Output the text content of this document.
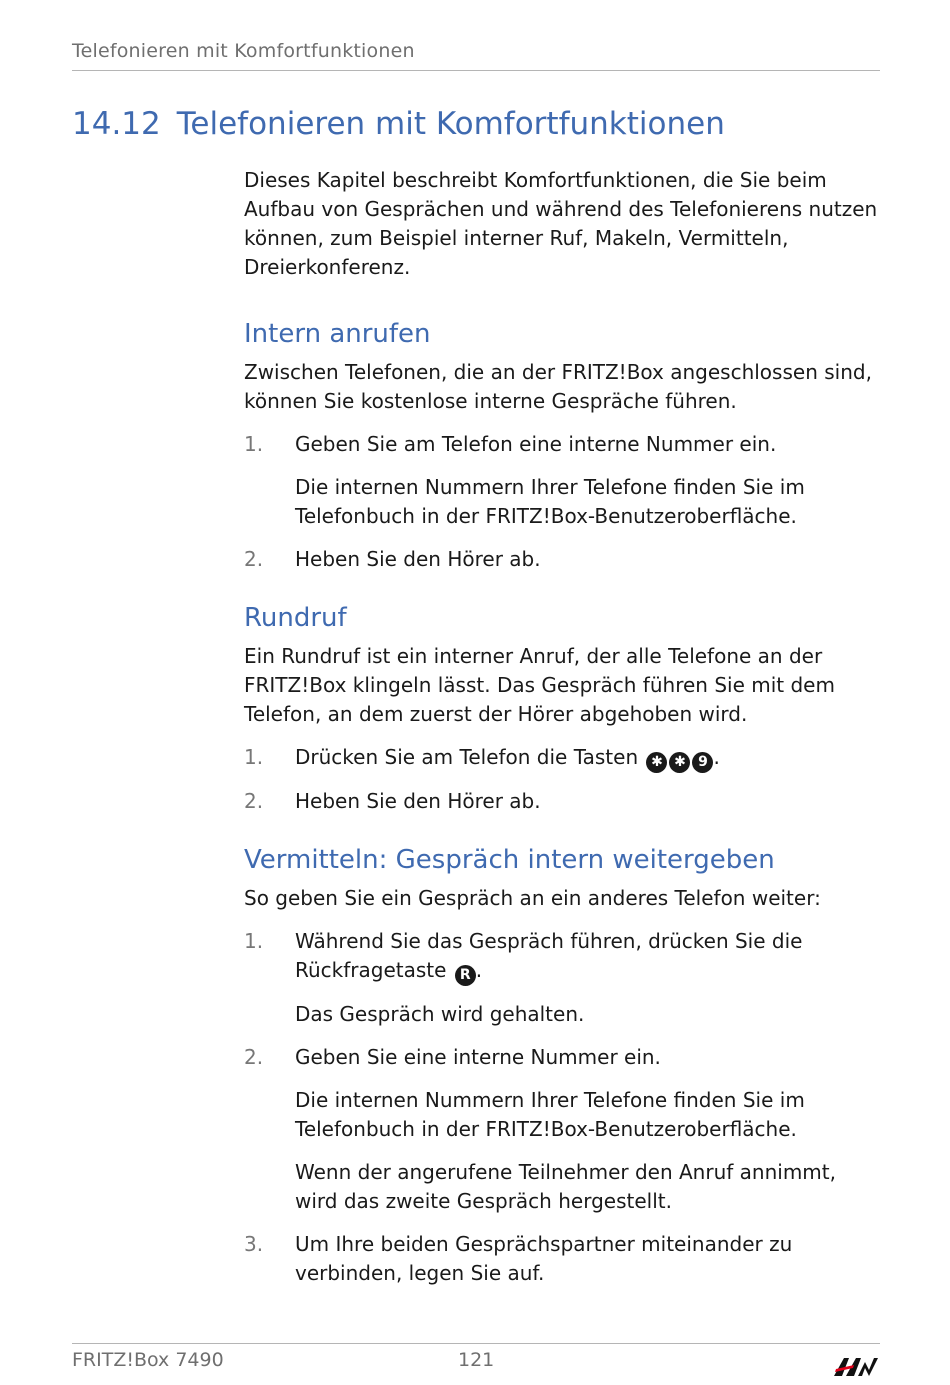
Telefonieren mit Komfortfunktionen
14.12 Telefonieren mit Komfortfunktionen

Dieses Kapitel beschreibt Komfortfunktionen, die Sie beim Aufbau von Gesprächen und während des Telefonierens nutzen können, zum Beispiel interner Ruf, Makeln, Vermitteln, Dreierkonferenz.

Intern anrufen

Zwischen Telefonen, die an der FRITZ!Box angeschlossen sind, können Sie kostenlose interne Gespräche führen.

1. Geben Sie am Telefon eine interne Nummer ein.
Die internen Nummern Ihrer Telefone finden Sie im Telefonbuch in der FRITZ!Box-Benutzeroberfläche.
2. Heben Sie den Hörer ab.
Rundruf

Ein Rundruf ist ein interner Anruf, der alle Telefone an der FRITZ!Box klingeln lässt. Das Gespräch führen Sie mit dem Telefon, an dem zuerst der Hörer abgehoben wird.

1. Drücken Sie am Telefon die Tasten ✱ ✱ 9 .
2. Heben Sie den Hörer ab.
Vermitteln: Gespräch intern weitergeben

So geben Sie ein Gespräch an ein anderes Telefon weiter:

1. Während Sie das Gespräch führen, drücken Sie die Rückfragetaste R .
Das Gespräch wird gehalten.
2. Geben Sie eine interne Nummer ein.
Die internen Nummern Ihrer Telefone finden Sie im Telefonbuch in der FRITZ!Box-Benutzeroberfläche.
Wenn der angerufene Teilnehmer den Anruf annimmt, wird das zweite Gespräch hergestellt.
3. Um Ihre beiden Gesprächspartner miteinander zu verbinden, legen Sie auf.
FRITZ!Box 7490	121
